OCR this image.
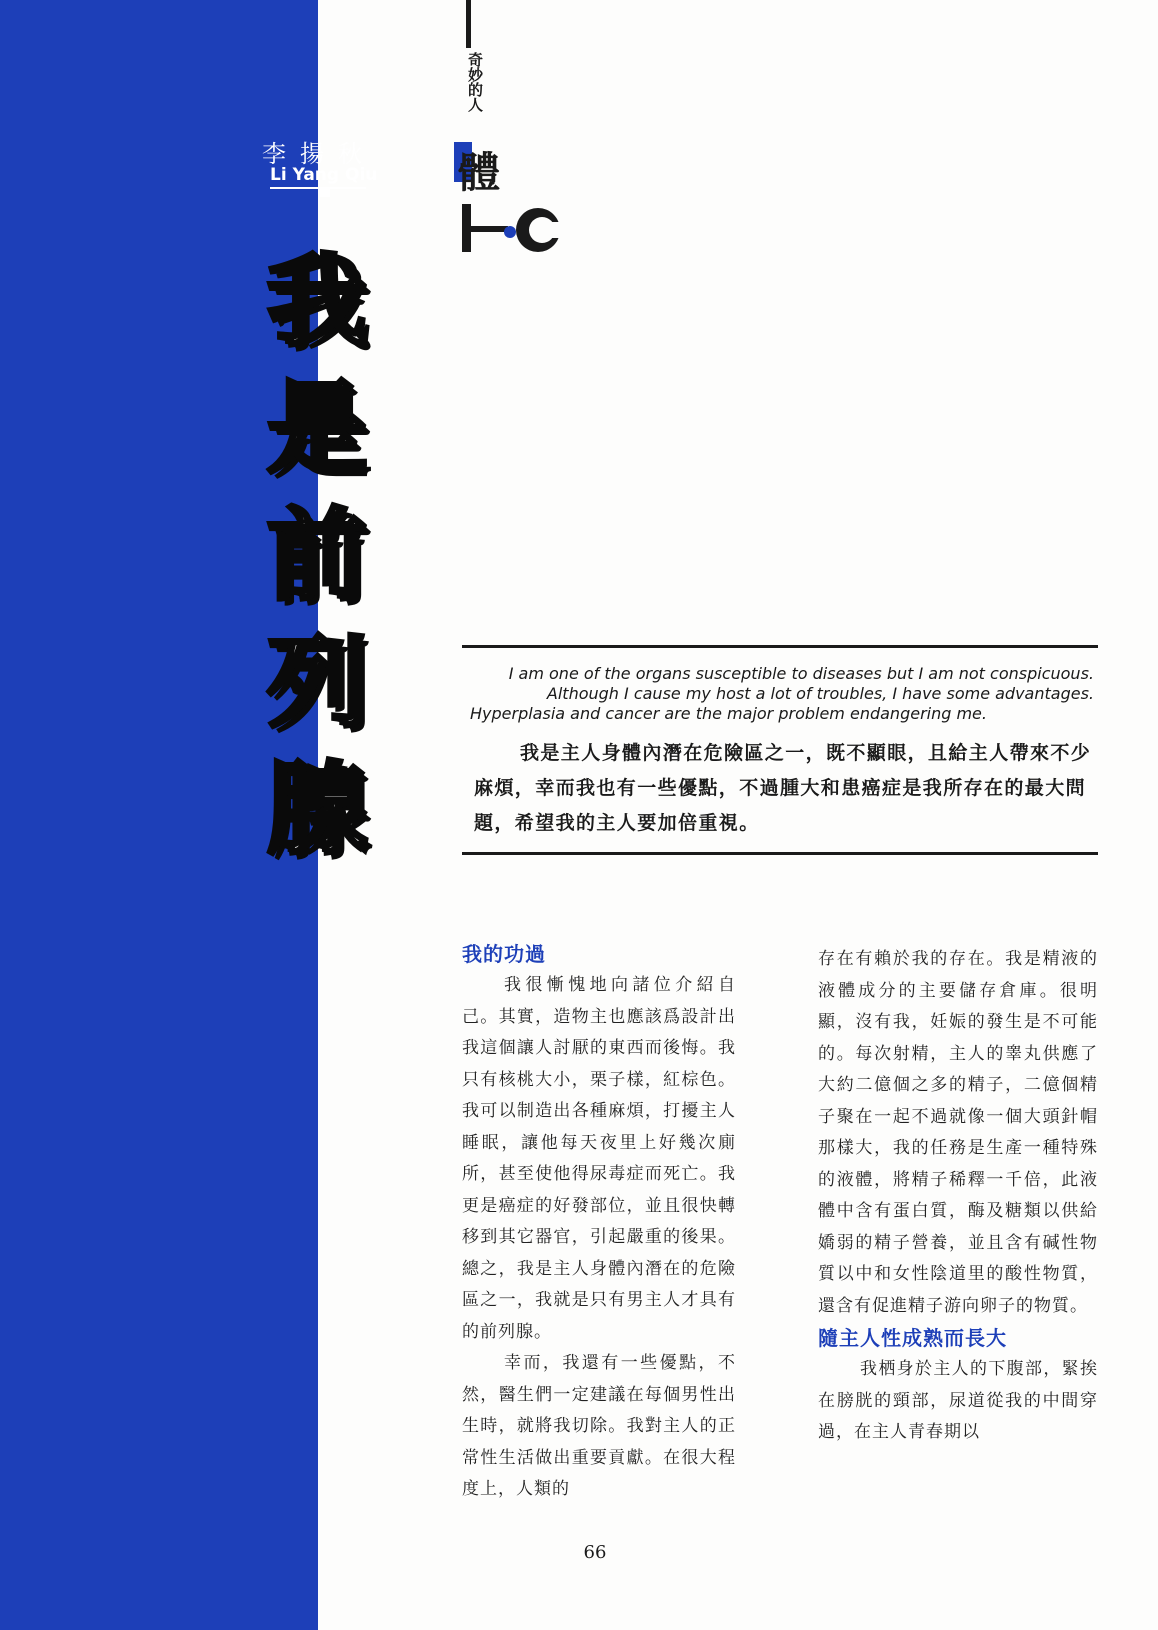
李揚秋
Li Yang Qiu
我
是
前
列
腺
奇妙的人
體
I am one of the organs susceptible to diseases but I am not conspicuous.
Although I cause my host a lot of troubles, I have some advantages.
Hyperplasia and cancer are the major problem endangering me.
我是主人身體內潛在危險區之一，既不顯眼，且給主人帶來不少麻煩，幸而我也有一些優點，不過腫大和患癌症是我所存在的最大問題，希望我的主人要加倍重視。
我的功過

我很慚愧地向諸位介紹自己。其實，造物主也應該爲設計出我這個讓人討厭的東西而後悔。我只有核桃大小，栗子樣，紅棕色。我可以制造出各種麻煩，打擾主人睡眠，讓他每天夜里上好幾次廁所，甚至使他得尿毒症而死亡。我更是癌症的好發部位，並且很快轉移到其它器官，引起嚴重的後果。總之，我是主人身體內潛在的危險區之一，我就是只有男主人才具有的前列腺。

幸而，我還有一些優點，不然，醫生們一定建議在每個男性出生時，就將我切除。我對主人的正常性生活做出重要貢獻。在很大程度上，人類的

存在有賴於我的存在。我是精液的液體成分的主要儲存倉庫。很明顯，沒有我，妊娠的發生是不可能的。每次射精，主人的睾丸供應了大約二億個之多的精子，二億個精子聚在一起不過就像一個大頭針帽那樣大，我的任務是生產一種特殊的液體，將精子稀釋一千倍，此液體中含有蛋白質，酶及糖類以供給嬌弱的精子營養，並且含有碱性物質以中和女性陰道里的酸性物質，還含有促進精子游向卵子的物質。

隨主人性成熟而長大

我栖身於主人的下腹部，緊挨在膀胱的頸部，尿道從我的中間穿過，在主人青春期以

66
